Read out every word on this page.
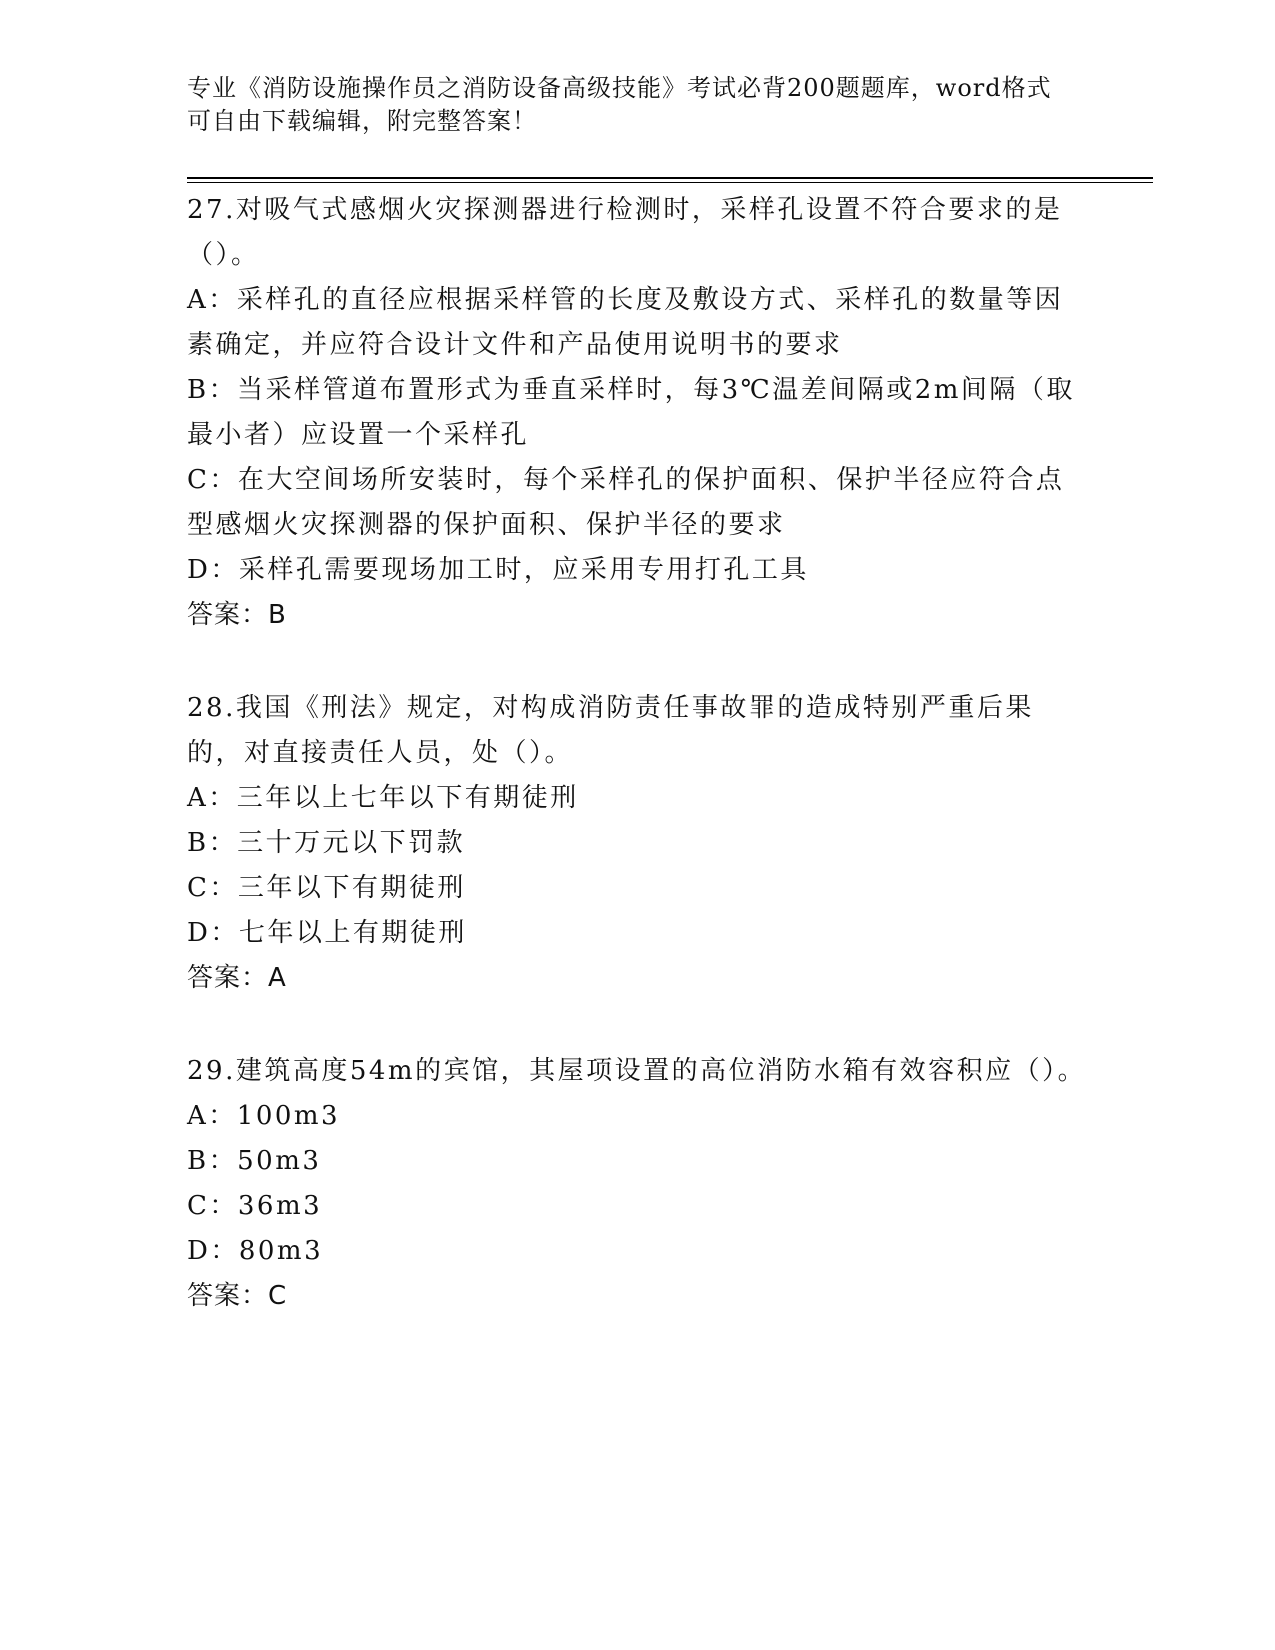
专业《消防设施操作员之消防设备高级技能》考试必背200题题库，word格式可自由下载编辑，附完整答案！
27.对吸气式感烟火灾探测器进行检测时，采样孔设置不符合要求的是（）。
A：采样孔的直径应根据采样管的长度及敷设方式、采样孔的数量等因素确定，并应符合设计文件和产品使用说明书的要求
B：当采样管道布置形式为垂直采样时，每3℃温差间隔或2m间隔（取最小者）应设置一个采样孔
C：在大空间场所安装时，每个采样孔的保护面积、保护半径应符合点型感烟火灾探测器的保护面积、保护半径的要求
D：采样孔需要现场加工时，应采用专用打孔工具
答案：B
28.我国《刑法》规定，对构成消防责任事故罪的造成特别严重后果的，对直接责任人员，处（）。
A：三年以上七年以下有期徒刑
B：三十万元以下罚款
C：三年以下有期徒刑
D：七年以上有期徒刑
答案：A
29.建筑高度54m的宾馆，其屋项设置的高位消防水箱有效容积应（）。
A：100m3
B：50m3
C：36m3
D：80m3
答案：C
